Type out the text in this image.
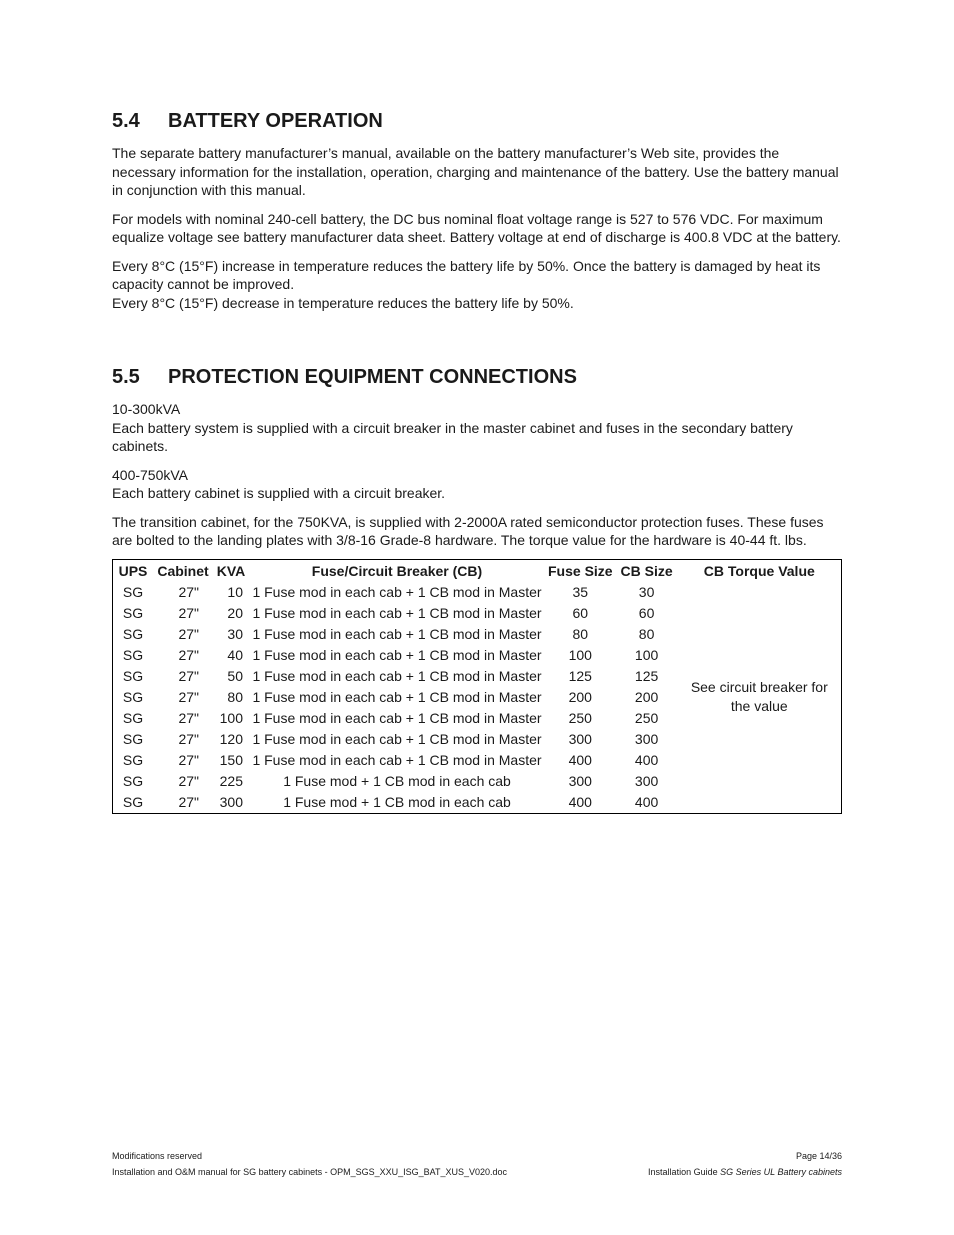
5.4	BATTERY OPERATION

The separate battery manufacturer’s manual, available on the battery manufacturer’s Web site, provides the necessary information for the installation, operation, charging and maintenance of the battery. Use the battery manual in conjunction with this manual.

For models with nominal 240-cell battery, the DC bus nominal float voltage range is 527 to 576 VDC. For maximum equalize voltage see battery manufacturer data sheet. Battery voltage at end of discharge is 400.8 VDC at the battery.

Every 8°C (15°F) increase in temperature reduces the battery life by 50%. Once the battery is damaged by heat its capacity cannot be improved.

Every 8°C (15°F) decrease in temperature reduces the battery life by 50%.

5.5	PROTECTION EQUIPMENT CONNECTIONS

10-300kVA

Each battery system is supplied with a circuit breaker in the master cabinet and fuses in the secondary battery cabinets.

400-750kVA

Each battery cabinet is supplied with a circuit breaker.

The transition cabinet, for the 750KVA, is supplied with 2-2000A rated semiconductor protection fuses. These fuses are bolted to the landing plates with 3/8-16 Grade-8 hardware. The torque value for the hardware is 40-44 ft. lbs.

UPS	Cabinet	KVA	Fuse/Circuit Breaker (CB)	Fuse Size	CB Size	CB Torque Value
SG	27"	10	1 Fuse mod in each cab + 1 CB mod in Master	35	30	See circuit breaker for the value
SG	27"	20	1 Fuse mod in each cab + 1 CB mod in Master	60	60	
SG	27"	30	1 Fuse mod in each cab + 1 CB mod in Master	80	80	
SG	27"	40	1 Fuse mod in each cab + 1 CB mod in Master	100	100	
SG	27"	50	1 Fuse mod in each cab + 1 CB mod in Master	125	125	
SG	27"	80	1 Fuse mod in each cab + 1 CB mod in Master	200	200	
SG	27"	100	1 Fuse mod in each cab + 1 CB mod in Master	250	250	
SG	27"	120	1 Fuse mod in each cab + 1 CB mod in Master	300	300	
SG	27"	150	1 Fuse mod in each cab + 1 CB mod in Master	400	400	
SG	27"	225	1 Fuse mod + 1 CB mod in each cab	300	300	
SG	27"	300	1 Fuse mod + 1 CB mod in each cab	400	400	
Modifications reserved	Page 14/36
Installation and O&M manual for SG battery cabinets - OPM_SGS_XXU_ISG_BAT_XUS_V020.doc	Installation Guide SG Series UL Battery cabinets
